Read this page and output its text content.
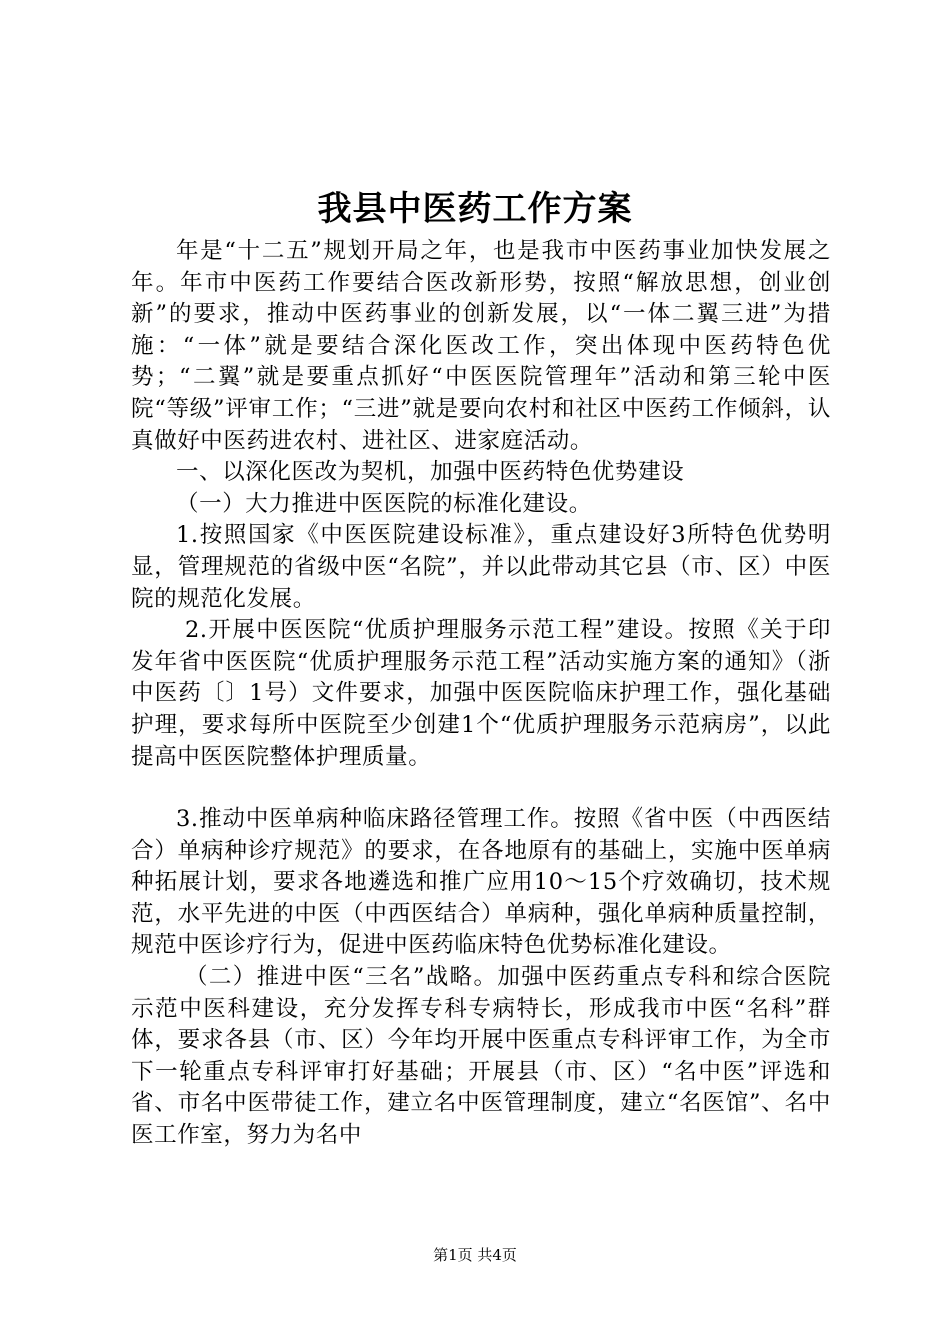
我县中医药工作方案

年是“十二五”规划开局之年，也是我市中医药事业加快发展之年。年市中医药工作要结合医改新形势，按照“解放思想，创业创新”的要求，推动中医药事业的创新发展，以“一体二翼三进”为措施：“一体”就是要结合深化医改工作，突出体现中医药特色优势；“二翼”就是要重点抓好“中医医院管理年”活动和第三轮中医院“等级”评审工作；“三进”就是要向农村和社区中医药工作倾斜，认真做好中医药进农村、进社区、进家庭活动。

一、以深化医改为契机，加强中医药特色优势建设

（一）大力推进中医医院的标准化建设。

1.按照国家《中医医院建设标准》，重点建设好3所特色优势明显，管理规范的省级中医“名院”，并以此带动其它县（市、区）中医院的规范化发展。

2.开展中医医院“优质护理服务示范工程”建设。按照《关于印发年省中医医院“优质护理服务示范工程”活动实施方案的通知》（浙中医药〔〕1号）文件要求，加强中医医院临床护理工作，强化基础护理，要求每所中医院至少创建1个“优质护理服务示范病房”，以此提高中医医院整体护理质量。

3.推动中医单病种临床路径管理工作。按照《省中医（中西医结合）单病种诊疗规范》的要求，在各地原有的基础上，实施中医单病种拓展计划，要求各地遴选和推广应用10～15个疗效确切，技术规范，水平先进的中医（中西医结合）单病种，强化单病种质量控制，规范中医诊疗行为，促进中医药临床特色优势标准化建设。

（二）推进中医“三名”战略。加强中医药重点专科和综合医院示范中医科建设，充分发挥专科专病特长，形成我市中医“名科”群体，要求各县（市、区）今年均开展中医重点专科评审工作，为全市下一轮重点专科评审打好基础；开展县（市、区）“名中医”评选和省、市名中医带徒工作，建立名中医管理制度，建立“名医馆”、名中医工作室，努力为名中

第1页 共4页
